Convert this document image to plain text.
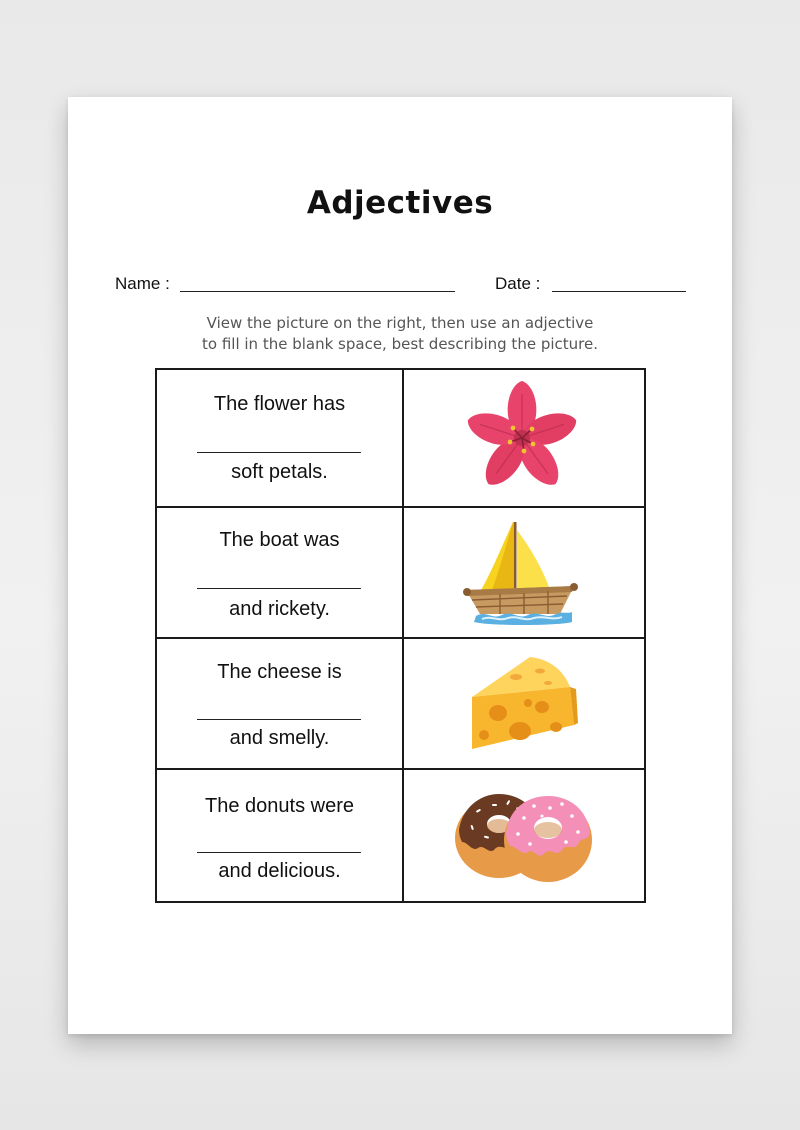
Adjectives
Name :	Date :
View the picture on the right, then use an adjective
to fill in the blank space, best describing the picture.
The flower has
soft petals.
The boat was
and rickety.
The cheese is
and smelly.
The donuts were
and delicious.
